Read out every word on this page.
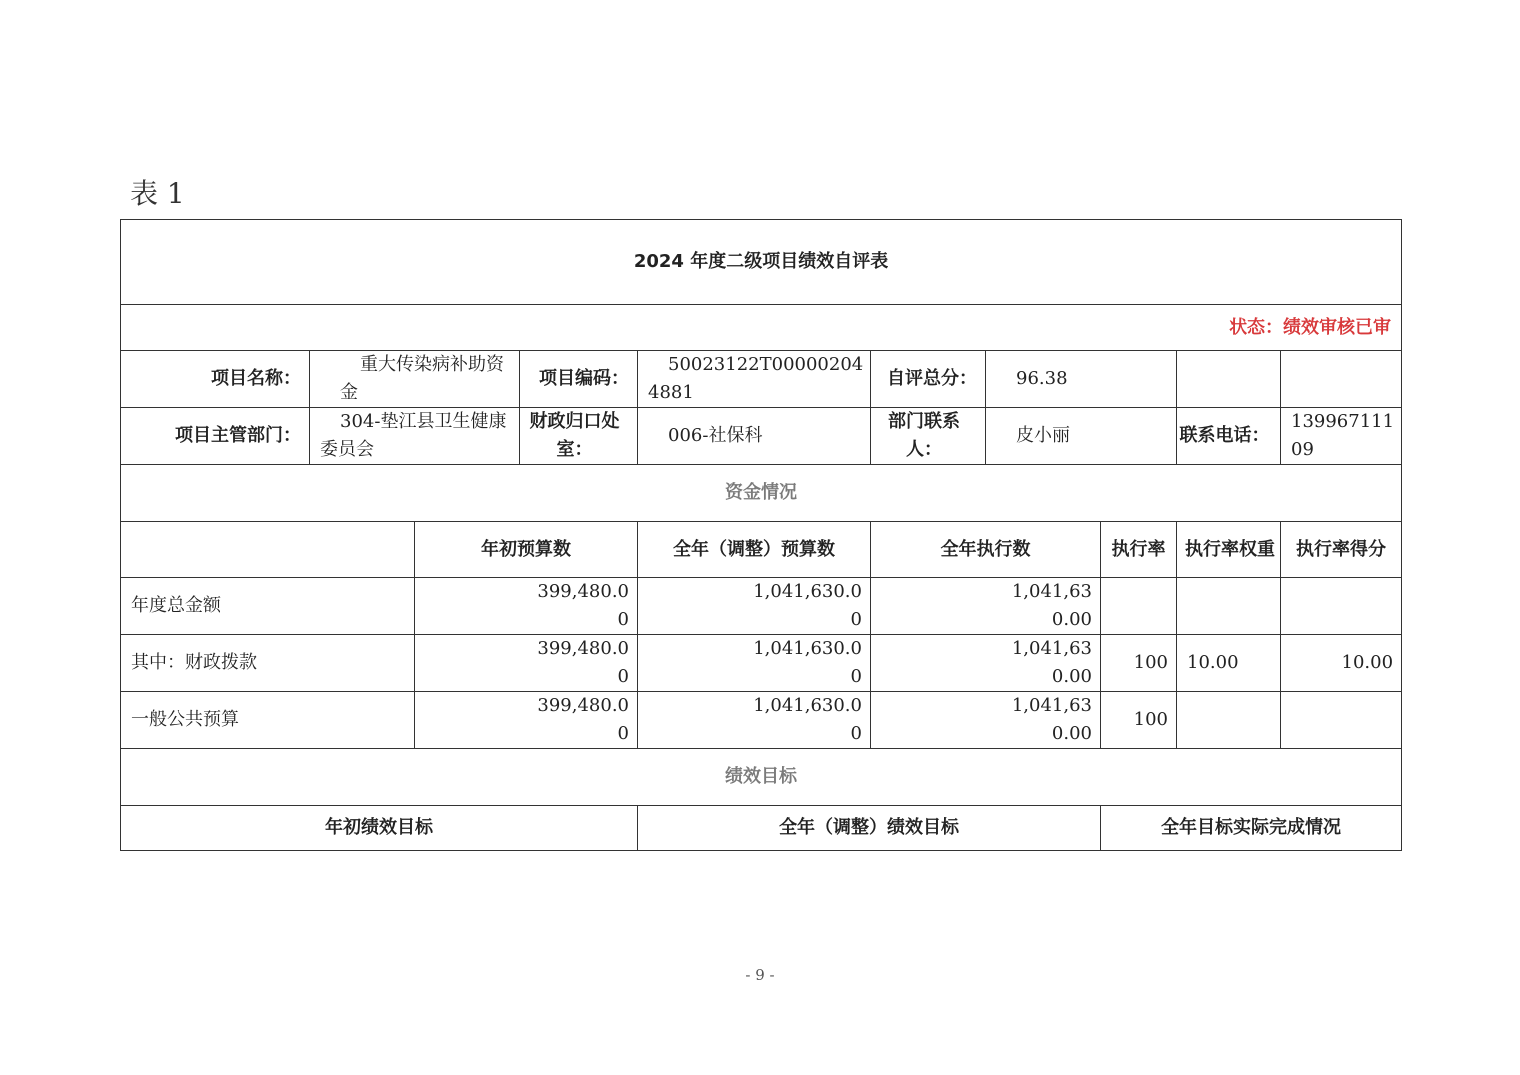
表 1
2024 年度二级项目绩效自评表									
状态：绩效审核已审									
项目名称：	重大传染病补助资金		项目编码：	50023122T000002044881	自评总分：	96.38			
项目主管部门：	304-垫江县卫生健康委员会		财政归口处室：	006-社保科	部门联系人：	皮小丽		联系电话：	13996711109
资金情况									
		年初预算数		全年（调整）预算数	全年执行数		执行率	执行率权重	执行率得分
年度总金额		399,480.00		1,041,630.00	1,041,630.00				
其中：财政拨款		399,480.00		1,041,630.00	1,041,630.00		100	10.00	10.00
一般公共预算		399,480.00		1,041,630.00	1,041,630.00		100		
绩效目标									
年初绩效目标				全年（调整）绩效目标			全年目标实际完成情况		
- 9 -
